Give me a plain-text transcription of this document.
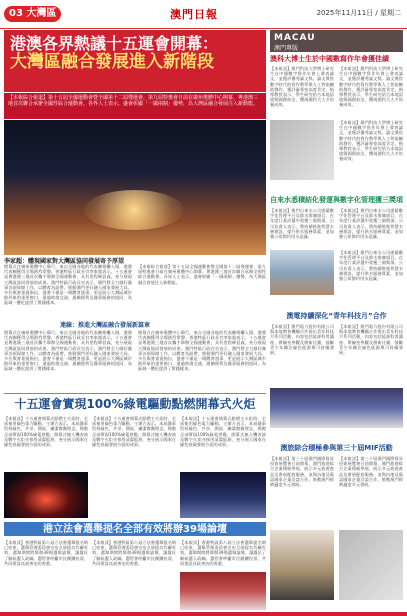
03 大灣區	澳門日報	2025年11月11日 / 星期二
港澳各界熱議十五運會開幕：
大灣區融合發展進入新階段
【本報綜合報道】第十五屆全國運動會暨全國第十二屆殘運會、第九屆特奧會日前在廣州奧體中心開幕，粵港澳三地首次聯合承辦全國性綜合運動會。各界人士表示，盛會彰顯「一國兩制」優勢，為大灣區融合發展注入新動能。
李家超：體現國家對大灣區協同發展寄予厚望
開幕式在廣州奧體中心舉行，來自全國各地的代表團相繼入場，港澳代表團獲得全場熱烈掌聲。香港特區行政長官李家超表示，十五運會是粵港澳三地首次攜手舉辦全國運動會，具有里程碑意義，充分展現大灣區協同發展的成果。澳門特區行政長官表示，澳門將全力做好賽事各項保障工作，以體育為紐帶，推動澳門更好融入國家發展大局。多位與會嘉賓指出，盛會不僅是一場體育盛事，更是展示大灣區城市群形象的重要窗口，通過跨境交通、通關便利及賽事服務的協同，為區域一體化提供了實踐樣本。
【本報綜合報道】第十五屆全國運動會暨全國第十二屆殘運會、第九屆特奧會日前在廣州奧體中心開幕，粵港澳三地首次聯合承辦全國性綜合運動會。各界人士表示，盛會彰顯「一國兩制」優勢，為大灣區融合發展注入新動能。
連線：推進大灣區融合發展新篇章
開幕式在廣州奧體中心舉行，來自全國各地的代表團相繼入場，港澳代表團獲得全場熱烈掌聲。香港特區行政長官李家超表示，十五運會是粵港澳三地首次攜手舉辦全國運動會，具有里程碑意義，充分展現大灣區協同發展的成果。澳門特區行政長官表示，澳門將全力做好賽事各項保障工作，以體育為紐帶，推動澳門更好融入國家發展大局。多位與會嘉賓指出，盛會不僅是一場體育盛事，更是展示大灣區城市群形象的重要窗口，通過跨境交通、通關便利及賽事服務的協同，為區域一體化提供了實踐樣本。
開幕式在廣州奧體中心舉行，來自全國各地的代表團相繼入場，港澳代表團獲得全場熱烈掌聲。香港特區行政長官李家超表示，十五運會是粵港澳三地首次攜手舉辦全國運動會，具有里程碑意義，充分展現大灣區協同發展的成果。澳門特區行政長官表示，澳門將全力做好賽事各項保障工作，以體育為紐帶，推動澳門更好融入國家發展大局。多位與會嘉賓指出，盛會不僅是一場體育盛事，更是展示大灣區城市群形象的重要窗口，通過跨境交通、通關便利及賽事服務的協同，為區域一體化提供了實踐樣本。
十五運會實現100%綠電驅動點燃開幕式火炬
【本報訊】十五運會開幕式點燃主火炬時，全部使用綠色電力驅動。主辦方表示，本屆賽事堅持綠色、共享、開放、廉潔辦賽理念，場館全部實現100%綠電供應，開幕式無人機表演及數字火炬亦採用清潔能源，充分展示國家在綠色低碳發展方面的成果。
【本報訊】十五運會開幕式點燃主火炬時，全部使用綠色電力驅動。主辦方表示，本屆賽事堅持綠色、共享、開放、廉潔辦賽理念，場館全部實現100%綠電供應，開幕式無人機表演及數字火炬亦採用清潔能源，充分展示國家在綠色低碳發展方面的成果。
【本報訊】十五運會開幕式點燃主火炬時，全部使用綠色電力驅動。主辦方表示，本屆賽事堅持綠色、共享、開放、廉潔辦賽理念，場館全部實現100%綠電供應，開幕式無人機表演及數字火炬亦採用清潔能源，充分展示國家在綠色低碳發展方面的成果。
港立法會選舉提名全部有效將辦39場論壇
【本報訊】香港特區第八屆立法會選舉提名期已結束，選舉管理委員會宣布全部提名均屬有效。選舉期間將舉辦39場選舉論壇，讓選民了解候選人政綱。選管會呼籲市民踴躍投票，共同建設良政善治的香港。
【本報訊】香港特區第八屆立法會選舉提名期已結束，選舉管理委員會宣布全部提名均屬有效。選舉期間將舉辦39場選舉論壇，讓選民了解候選人政綱。選管會呼籲市民踴躍投票，共同建設良政善治的香港。
【本報訊】香港特區第八屆立法會選舉提名期已結束，選舉管理委員會宣布全部提名均屬有效。選舉期間將舉辦39場選舉論壇，讓選民了解候選人政綱。選管會呼籲市民踴躍投票，共同建設良政善治的香港。
MACAU
澳門專版
澳科大博士生於中國數寫作年會獲佳績
【本報訊】澳門科技大學博士研究生在中國數字寫作年會上發表論文，並獲評優秀論文獎。論文聚焦數字時代的寫作教學與人工智能輔助創作，獲評審專家高度肯定。指導教授表示，學生研究結合本地語境與國際前沿，體現澳科大人才培養成效。
【本報訊】澳門科技大學博士研究生在中國數字寫作年會上發表論文，並獲評優秀論文獎。論文聚焦數字時代的寫作教學與人工智能輔助創作，獲評審專家高度肯定。指導教授表示，學生研究結合本地語境與國際前沿，體現澳科大人才培養成效。
【本報訊】澳門科技大學博士研究生在中國數字寫作年會上發表論文，並獲評優秀論文獎。論文聚焦數字時代的寫作教學與人工智能輔助創作，獲評審專家高度肯定。指導教授表示，學生研究結合本地語境與國際前沿，體現澳科大人才培養成效。
自來水悉積結化發運與數字化管理獲三獎項
【本報訊】澳門自來水公司憑藉數字化管理平台及節水推廣項目，在年度行業評選中榮獲三個獎項。公司負責人表示，將持續推進智慧水務建設，提升供水服務質素，並加強公眾節約用水意識。
【本報訊】澳門自來水公司憑藉數字化管理平台及節水推廣項目，在年度行業評選中榮獲三個獎項。公司負責人表示，將持續推進智慧水務建設，提升供水服務質素，並加強公眾節約用水意識。
【本報訊】澳門自來水公司憑藉數字化管理平台及節水推廣項目，在年度行業評選中榮獲三個獎項。公司負責人表示，將持續推進智慧水務建設，提升供水服務質素，並加強公眾節約用水意識。
澳電持續深化“青年科技月”合作
【本報訊】澳門電力股份有限公司與本地教育機構合作推出青年科技月系列活動，內容包括能源科普講座、實驗室參觀及創新比賽，鼓勵青少年關注綠色能源與可持續發展。
【本報訊】澳門電力股份有限公司與本地教育機構合作推出青年科技月系列活動，內容包括能源科普講座、實驗室參觀及創新比賽，鼓勵青少年關注綠色能源與可持續發展。
澳旅綜合積極參與第三十屆MIF活動
【本報訊】第三十屆澳門國際貿易投資展覽會日前開幕，澳門旅遊綜合企業積極參展，展示多元旅遊產品及會展配套服務，並與內地及葡語國家企業洽談合作，推動澳門經濟適度多元發展。
【本報訊】第三十屆澳門國際貿易投資展覽會日前開幕，澳門旅遊綜合企業積極參展，展示多元旅遊產品及會展配套服務，並與內地及葡語國家企業洽談合作，推動澳門經濟適度多元發展。
